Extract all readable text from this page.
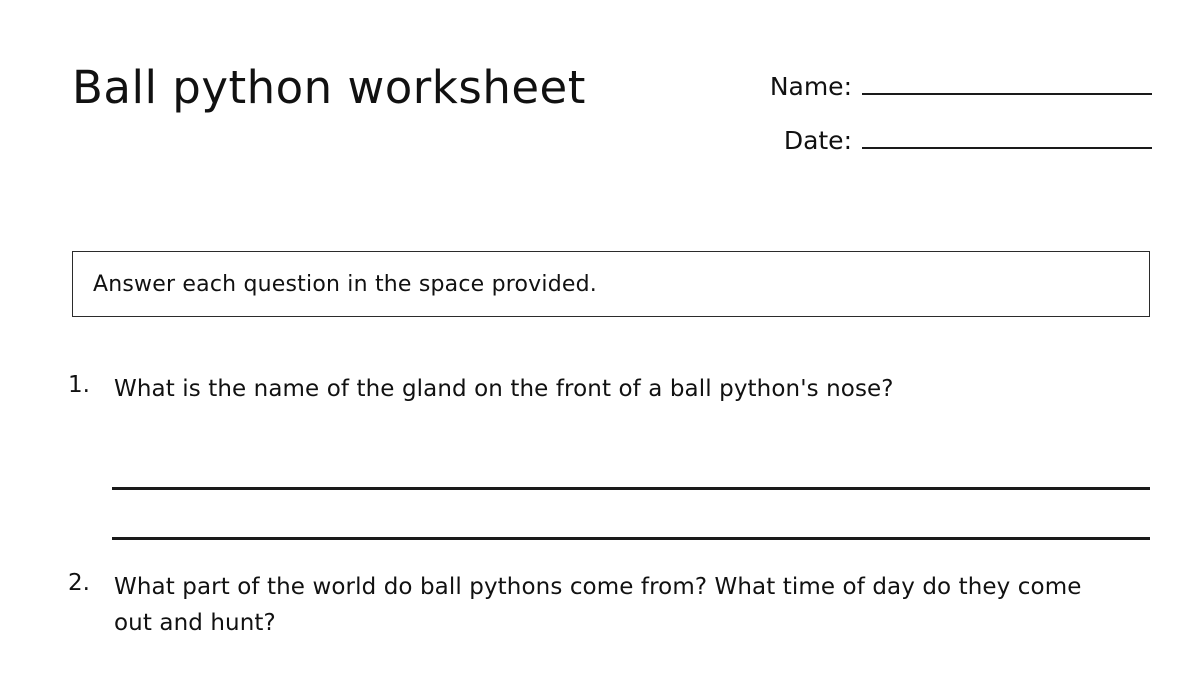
Ball python worksheet	Name:
Date:
Answer each question in the space provided.
1.	What is the name of the gland on the front of a ball python's nose?
2.	What part of the world do ball pythons come from? What time of day do they come out and hunt?
